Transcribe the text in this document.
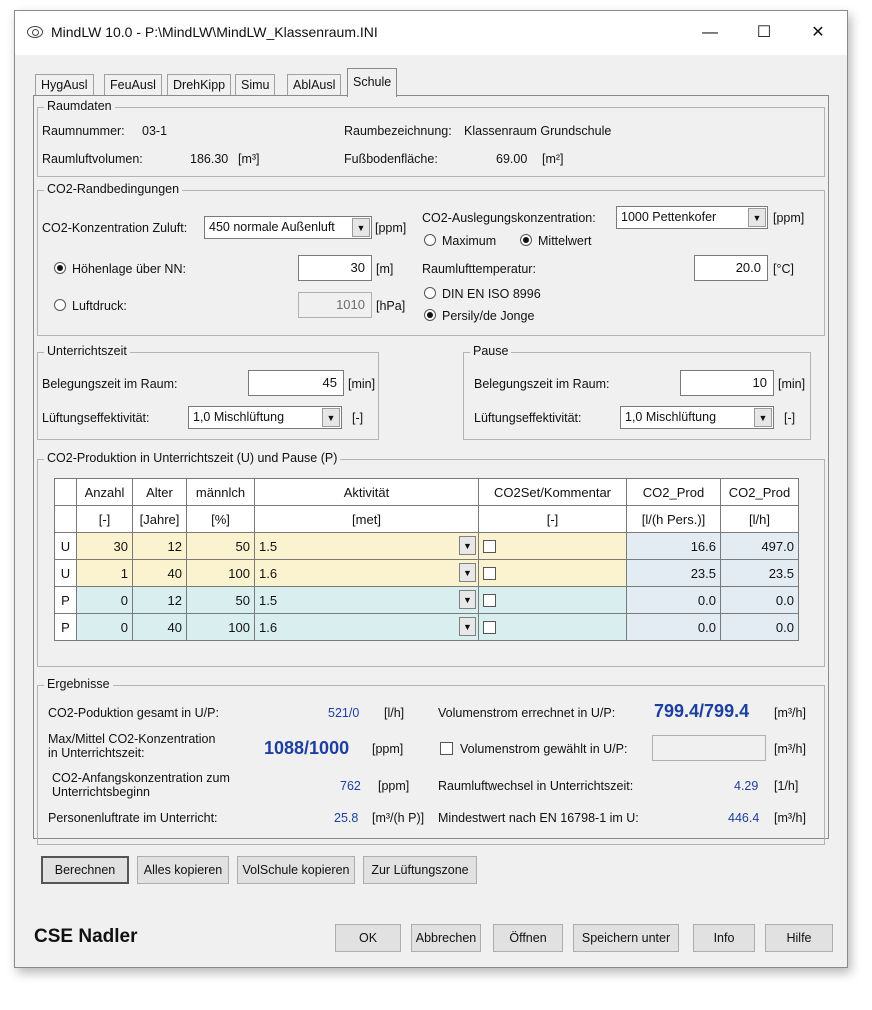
MindLW 10.0 - P:\MindLW\MindLW_Klassenraum.INI	—	☐	✕
HygAusl	FeuAusl	DrehKipp	Simu	AblAusl	Schule
Raumdaten
Raumnummer: 03-1	Raumbezeichnung: Klassenraum Grundschule
Raumluftvolumen:	186.30 [m³]	Fußbodenfläche:	69.00 [m²]
CO2-Randbedingungen
CO2-Konzentration Zuluft:	450 normale Außenluft	▼ [ppm]
CO2-Auslegungskonzentration:	1000 Pettenkofer	▼ [ppm]
Maximum	Mittelwert
Höhenlage über NN:	30 [m]
Luftdruck:	1010 [hPa]
Raumlufttemperatur:	20.0 [°C]
DIN EN ISO 8996
Persily/de Jonge
Unterrichtszeit
Belegungszeit im Raum:	45 [min]
Lüftungseffektivität:	1,0 Mischlüftung	▼	[-]
Pause
Belegungszeit im Raum:	10 [min]
Lüftungseffektivität:	1,0 Mischlüftung	▼	[-]
CO2-Produktion in Unterrichtszeit (U) und Pause (P)
	Anzahl	Alter	männlch	Aktivität	CO2Set/Kommentar	CO2_Prod	CO2_Prod
	[-]	[Jahre]	[%]	[met]	[-]	[l/(h Pers.)]	[l/h]
U	30	12	50	1.5 ▼		16.6	497.0
U	1	40	100	1.6 ▼		23.5	23.5
P	0	12	50	1.5 ▼		0.0	0.0
P	0	40	100	1.6 ▼		0.0	0.0
Ergebnisse
CO2-Poduktion gesamt in U/P:	521/0 [l/h]	Volumenstrom errechnet in U/P: 799.4/799.4 [m³/h]
Max/Mittel CO2-Konzentration
in Unterrichtszeit:	1088/1000 [ppm]	Volumenstrom gewählt in U/P:	[m³/h]
CO2-Anfangskonzentration zum
Unterrichtsbeginn	762 [ppm] Raumluftwechsel in Unterrichtszeit:	4.29 [1/h]
Personenluftrate im Unterricht:	25.8 [m³/(h P)] Mindestwert nach EN 16798-1 im U:	446.4 [m³/h]
Berechnen	Alles kopieren	VolSchule kopieren	Zur Lüftungszone
CSE Nadler	OK	Abbrechen	Öffnen	Speichern unter	Info	Hilfe
